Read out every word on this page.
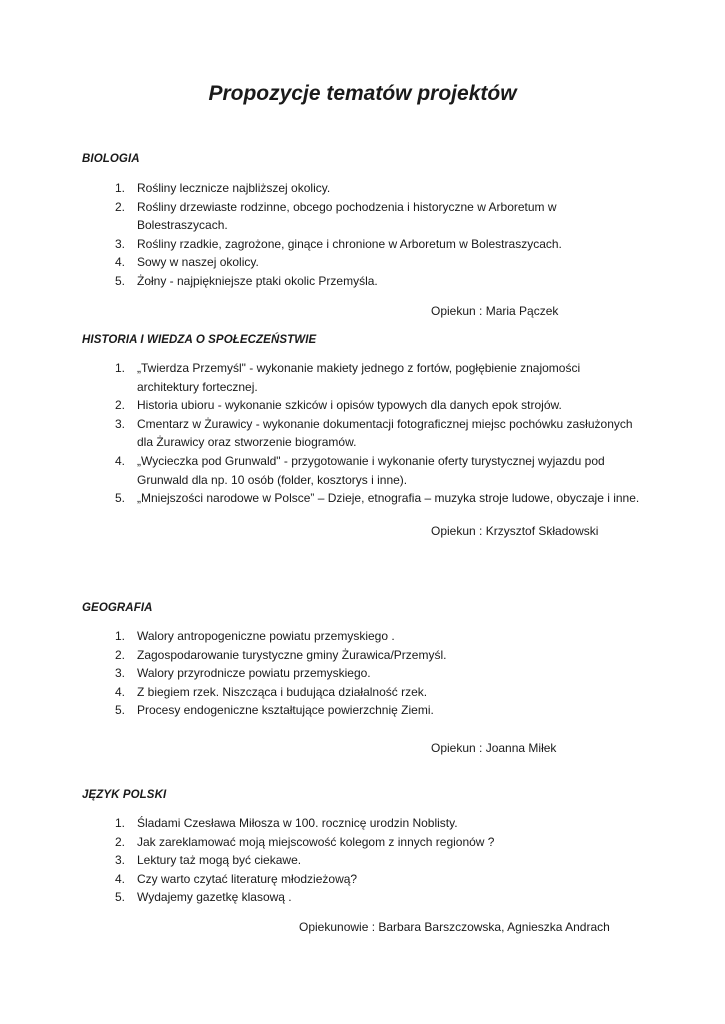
Propozycje tematów projektów
BIOLOGIA
1.	Rośliny lecznicze najbliższej okolicy.
2.	Rośliny drzewiaste rodzinne, obcego pochodzenia i historyczne w Arboretum w Bolestraszycach.
3.	Rośliny rzadkie, zagrożone, ginące i chronione w Arboretum w Bolestraszycach.
4.	Sowy w naszej okolicy.
5.	Żołny - najpiękniejsze ptaki okolic Przemyśla.

Opiekun : Maria Pączek

HISTORIA I WIEDZA O SPOŁECZEŃSTWIE
1.	„Twierdza Przemyśl" - wykonanie makiety jednego z fortów, pogłębienie znajomości architektury fortecznej.
2.	Historia ubioru - wykonanie szkiców i opisów typowych dla danych epok strojów.
3.	Cmentarz w Żurawicy - wykonanie dokumentacji fotograficznej miejsc pochówku zasłużonych dla Żurawicy oraz stworzenie biogramów.
4.	„Wycieczka pod Grunwald" - przygotowanie i wykonanie oferty turystycznej wyjazdu pod Grunwald dla np. 10 osób (folder, kosztorys i inne).
5.	„Mniejszości narodowe w Polsce” – Dzieje, etnografia – muzyka stroje ludowe, obyczaje i inne.

Opiekun : Krzysztof Składowski

GEOGRAFIA
1.	Walory antropogeniczne powiatu przemyskiego .
2.	Zagospodarowanie turystyczne gminy Żurawica/Przemyśl.
3.	Walory przyrodnicze powiatu przemyskiego.
4.	Z biegiem rzek. Niszcząca i budująca działalność rzek.
5.	Procesy endogeniczne kształtujące powierzchnię Ziemi.

Opiekun : Joanna Miłek

JĘZYK POLSKI
1.	Śladami Czesława Miłosza w 100. rocznicę urodzin Noblisty.
2.	Jak zareklamować moją miejscowość kolegom z innych regionów ?
3.	Lektury taż mogą być ciekawe.
4.	Czy warto czytać literaturę młodzieżową?
5.	Wydajemy gazetkę klasową .

Opiekunowie : Barbara Barszczowska, Agnieszka Andrach
